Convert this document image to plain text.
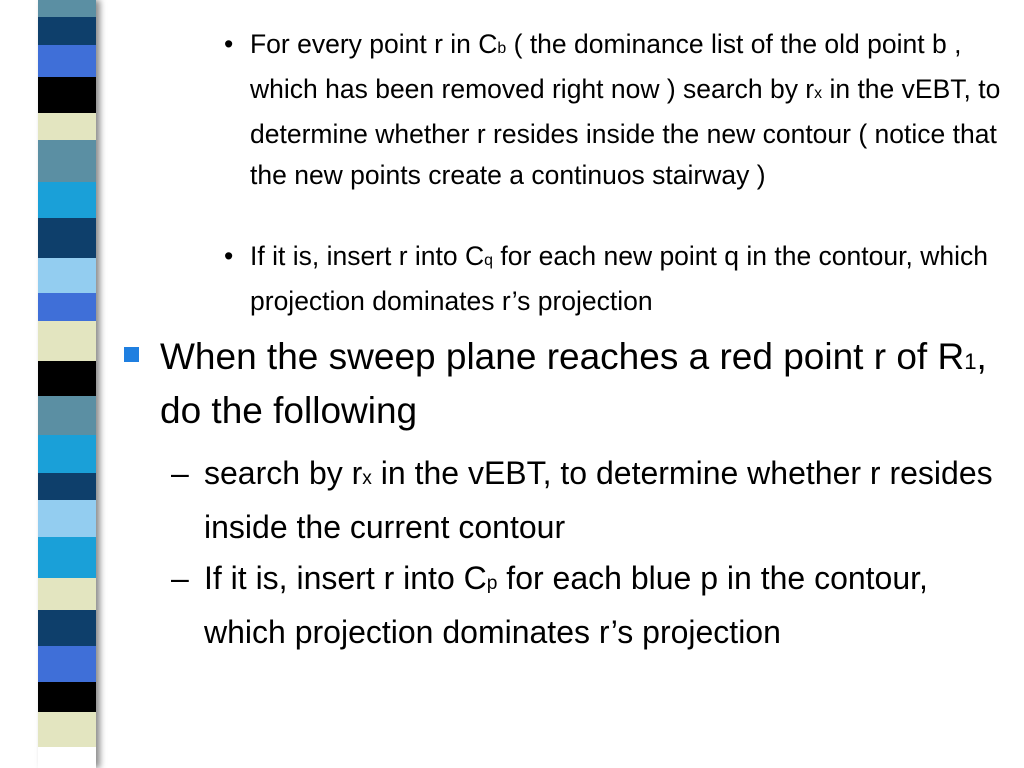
• For every point r in Cb ( the dominance list of the old point b , which has been removed right now ) search by rx in the vEBT, to determine whether r resides inside the new contour ( notice that the new points create a continuos stairway )
• If it is, insert r into Cq for each new point q in the contour, which projection dominates r’s projection
When the sweep plane reaches a red point r of R1, do the following
– search by rx in the vEBT, to determine whether r resides inside the current contour
– If it is, insert r into Cp for each blue p in the contour, which projection dominates r’s projection
